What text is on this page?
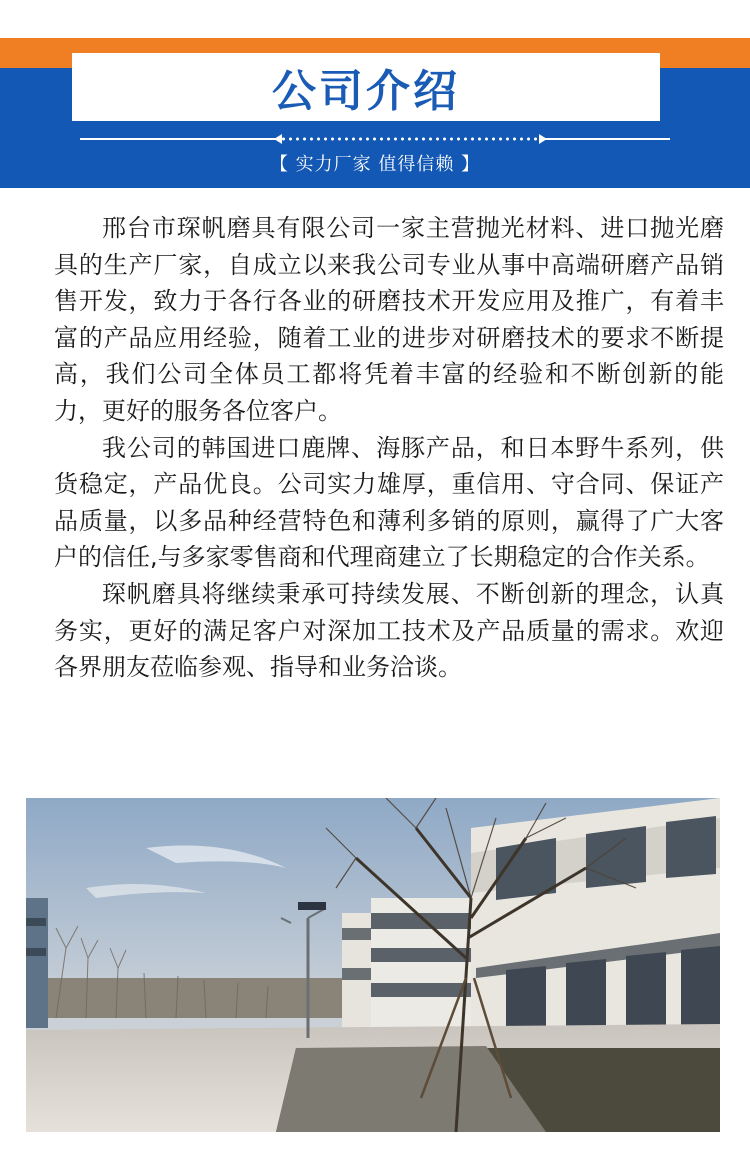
公司介绍
【 实力厂家 值得信赖 】

邢台市琛帆磨具有限公司一家主营抛光材料、进口抛光磨具的生产厂家，自成立以来我公司专业从事中高端研磨产品销售开发，致力于各行各业的研磨技术开发应用及推广，有着丰富的产品应用经验，随着工业的进步对研磨技术的要求不断提高，我们公司全体员工都将凭着丰富的经验和不断创新的能力，更好的服务各位客户。

我公司的韩国进口鹿牌、海豚产品，和日本野牛系列，供货稳定，产品优良。公司实力雄厚，重信用、守合同、保证产品质量，以多品种经营特色和薄利多销的原则，赢得了广大客户的信任,与多家零售商和代理商建立了长期稳定的合作关系。

琛帆磨具将继续秉承可持续发展、不断创新的理念，认真务实，更好的满足客户对深加工技术及产品质量的需求。欢迎各界朋友莅临参观、指导和业务洽谈。
